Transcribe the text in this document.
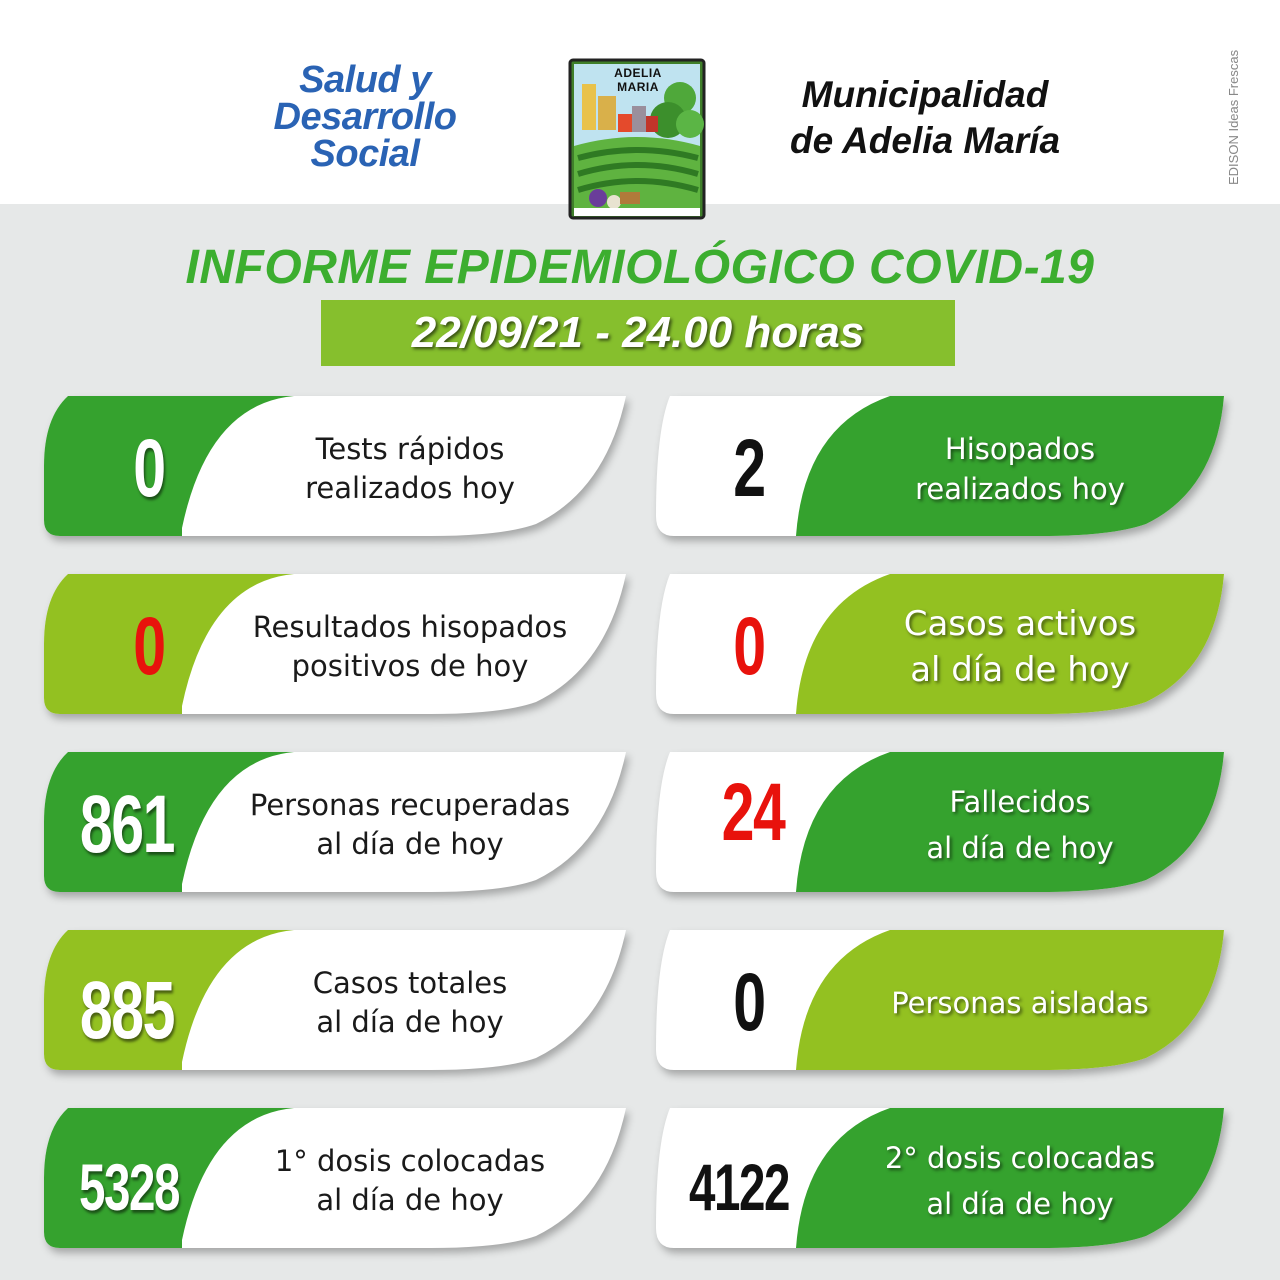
Salud y
Desarrollo
Social
ADELIA MARIA	Municipalidad
de Adelia María	EDISON Ideas Frescas
INFORME EPIDEMIOLÓGICO COVID-19
22/09/21 - 24.00 horas
0	Tests rápidos
realizados hoy	2	Hisopados
realizados hoy
0	Resultados hisopados
positivos de hoy	0	Casos activos
al día de hoy
861	Personas recuperadas
al día de hoy	24	Fallecidos
al día de hoy
885	Casos totales
al día de hoy	0	Personas aisladas
5328	1° dosis colocadas
al día de hoy	4122	2° dosis colocadas
al día de hoy
